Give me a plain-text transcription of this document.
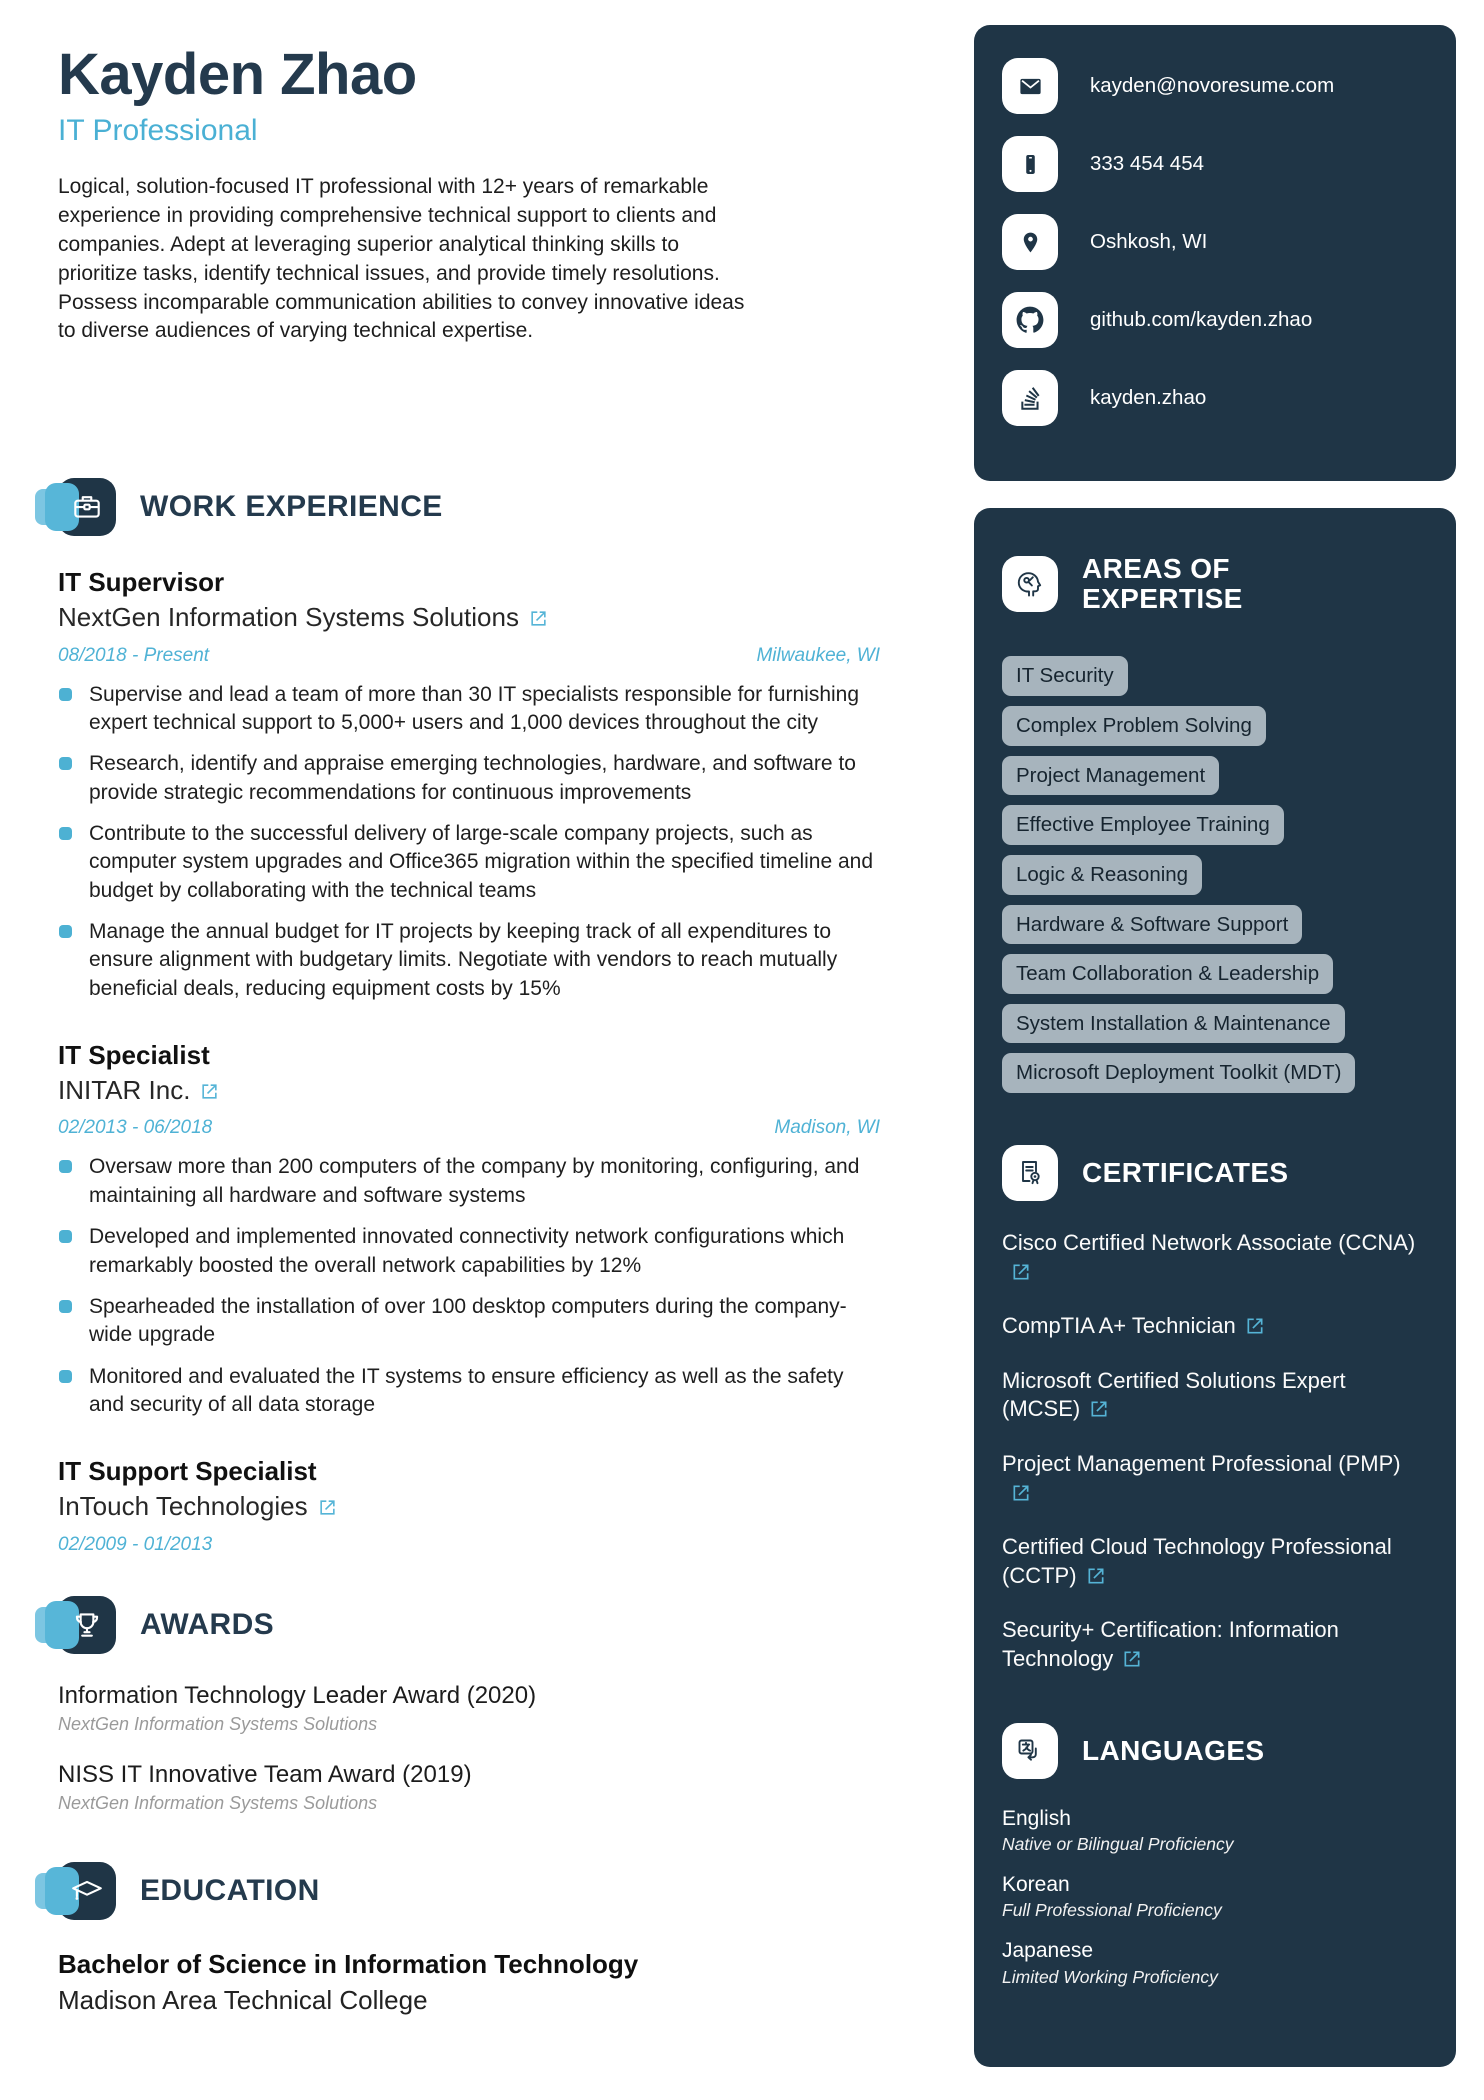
Kayden Zhao
IT Professional
Logical, solution-focused IT professional with 12+ years of remarkable experience in providing comprehensive technical support to clients and companies. Adept at leveraging superior analytical thinking skills to prioritize tasks, identify technical issues, and provide timely resolutions. Possess incomparable communication abilities to convey innovative ideas to diverse audiences of varying technical expertise.
WORK EXPERIENCE
IT Supervisor
NextGen Information Systems Solutions
08/2018 - Present	Milwaukee, WI
Supervise and lead a team of more than 30 IT specialists responsible for furnishing expert technical support to 5,000+ users and 1,000 devices throughout the city
Research, identify and appraise emerging technologies, hardware, and software to provide strategic recommendations for continuous improvements
Contribute to the successful delivery of large-scale company projects, such as computer system upgrades and Office365 migration within the specified timeline and budget by collaborating with the technical teams
Manage the annual budget for IT projects by keeping track of all expenditures to ensure alignment with budgetary limits. Negotiate with vendors to reach mutually beneficial deals, reducing equipment costs by 15%
IT Specialist
INITAR Inc.
02/2013 - 06/2018	Madison, WI
Oversaw more than 200 computers of the company by monitoring, configuring, and maintaining all hardware and software systems
Developed and implemented innovated connectivity network configurations which remarkably boosted the overall network capabilities by 12%
Spearheaded the installation of over 100 desktop computers during the company-wide upgrade
Monitored and evaluated the IT systems to ensure efficiency as well as the safety and security of all data storage
IT Support Specialist
InTouch Technologies
02/2009 - 01/2013
AWARDS
Information Technology Leader Award (2020)
NextGen Information Systems Solutions
NISS IT Innovative Team Award (2019)
NextGen Information Systems Solutions
EDUCATION
Bachelor of Science in Information Technology
Madison Area Technical College
kayden@novoresume.com
333 454 454
Oshkosh, WI
github.com/kayden.zhao
kayden.zhao
AREAS OF EXPERTISE
IT Security
Complex Problem Solving
Project Management
Effective Employee Training
Logic & Reasoning
Hardware & Software Support
Team Collaboration & Leadership
System Installation & Maintenance
Microsoft Deployment Toolkit (MDT)
CERTIFICATES
Cisco Certified Network Associate (CCNA)
CompTIA A+ Technician
Microsoft Certified Solutions Expert (MCSE)
Project Management Professional (PMP)
Certified Cloud Technology Professional (CCTP)
Security+ Certification: Information Technology
LANGUAGES
English
Native or Bilingual Proficiency
Korean
Full Professional Proficiency
Japanese
Limited Working Proficiency
